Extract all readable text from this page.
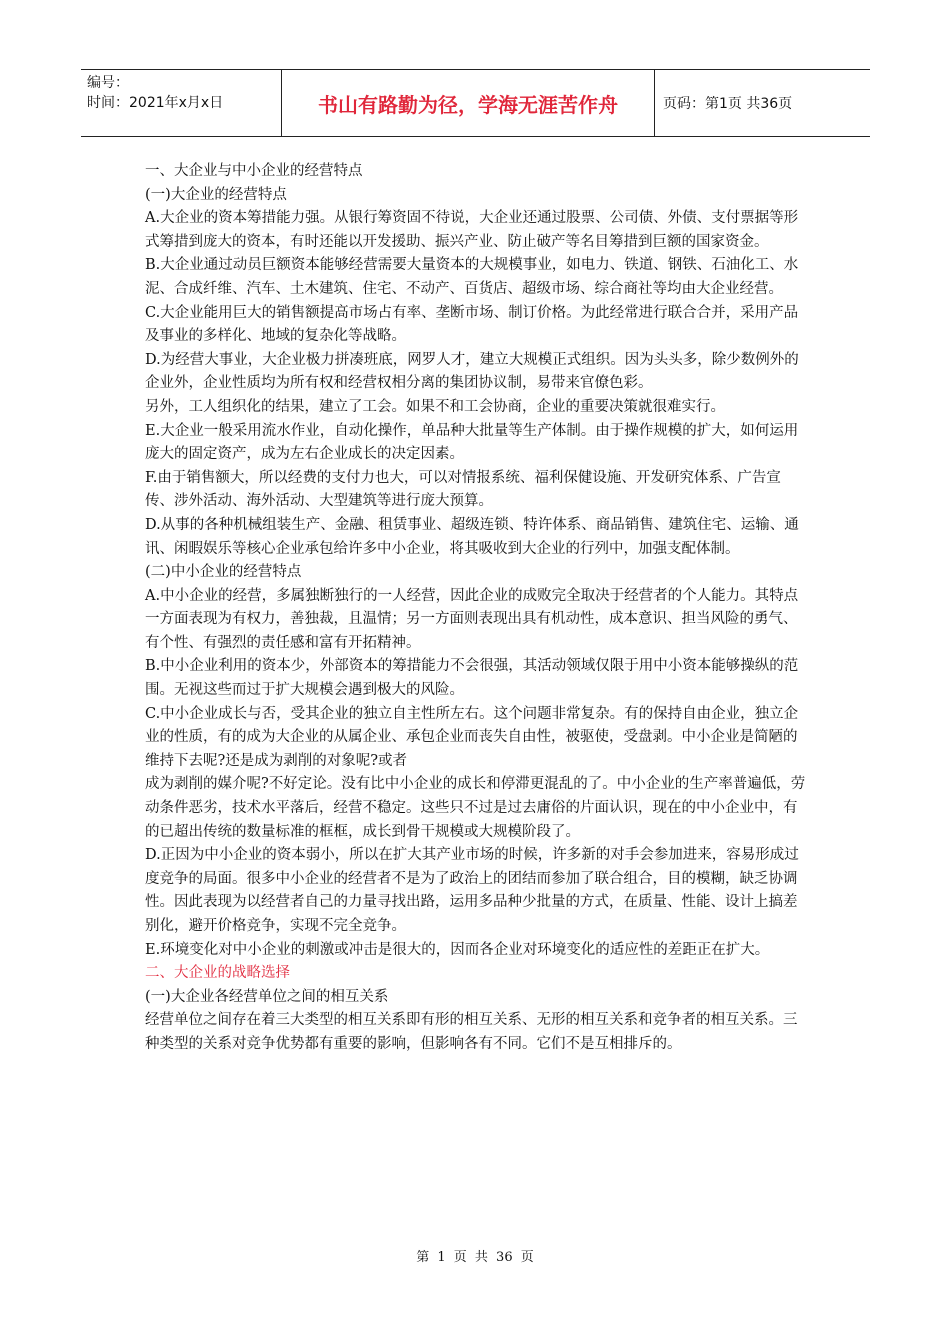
编号：
时间：2021年x月x日	书山有路勤为径，学海无涯苦作舟	页码：第1页 共36页

一、大企业与中小企业的经营特点

(一)大企业的经营特点

A.大企业的资本筹措能力强。从银行筹资固不待说，大企业还通过股票、公司债、外债、支付票据等形式筹措到庞大的资本，有时还能以开发援助、振兴产业、防止破产等名目筹措到巨额的国家资金。

B.大企业通过动员巨额资本能够经营需要大量资本的大规模事业，如电力、铁道、钢铁、石油化工、水泥、合成纤维、汽车、土木建筑、住宅、不动产、百货店、超级市场、综合商社等均由大企业经营。

C.大企业能用巨大的销售额提高市场占有率、垄断市场、制订价格。为此经常进行联合合并，采用产品及事业的多样化、地域的复杂化等战略。

D.为经营大事业，大企业极力拼凑班底，网罗人才，建立大规模正式组织。因为头头多，除少数例外的企业外，企业性质均为所有权和经营权相分离的集团协议制，易带来官僚色彩。

另外，工人组织化的结果，建立了工会。如果不和工会协商，企业的重要决策就很难实行。

E.大企业一般采用流水作业，自动化操作，单品种大批量等生产体制。由于操作规模的扩大，如何运用庞大的固定资产，成为左右企业成长的决定因素。

F.由于销售额大，所以经费的支付力也大，可以对情报系统、福利保健设施、开发研究体系、广告宣传、涉外活动、海外活动、大型建筑等进行庞大预算。

D.从事的各种机械组装生产、金融、租赁事业、超级连锁、特许体系、商品销售、建筑住宅、运输、通讯、闲暇娱乐等核心企业承包给许多中小企业，将其吸收到大企业的行列中，加强支配体制。

(二)中小企业的经营特点

A.中小企业的经营，多属独断独行的一人经营，因此企业的成败完全取决于经营者的个人能力。其特点一方面表现为有权力，善独裁，且温情；另一方面则表现出具有机动性，成本意识、担当风险的勇气、有个性、有强烈的责任感和富有开拓精神。

B.中小企业利用的资本少，外部资本的筹措能力不会很强，其活动领域仅限于用中小资本能够操纵的范围。无视这些而过于扩大规模会遇到极大的风险。

C.中小企业成长与否，受其企业的独立自主性所左右。这个问题非常复杂。有的保持自由企业，独立企业的性质，有的成为大企业的从属企业、承包企业而丧失自由性，被驱使，受盘剥。中小企业是简陋的维持下去呢?还是成为剥削的对象呢?或者

成为剥削的媒介呢?不好定论。没有比中小企业的成长和停滞更混乱的了。中小企业的生产率普遍低，劳动条件恶劣，技术水平落后，经营不稳定。这些只不过是过去庸俗的片面认识，现在的中小企业中，有的已超出传统的数量标准的框框，成长到骨干规模或大规模阶段了。

D.正因为中小企业的资本弱小，所以在扩大其产业市场的时候，许多新的对手会参加进来，容易形成过度竞争的局面。很多中小企业的经营者不是为了政治上的团结而参加了联合组合，目的模糊，缺乏协调性。因此表现为以经营者自己的力量寻找出路，运用多品种少批量的方式，在质量、性能、设计上搞差别化，避开价格竞争，实现不完全竞争。

E.环境变化对中小企业的刺激或冲击是很大的，因而各企业对环境变化的适应性的差距正在扩大。

二、大企业的战略选择

(一)大企业各经营单位之间的相互关系

经营单位之间存在着三大类型的相互关系即有形的相互关系、无形的相互关系和竞争者的相互关系。三种类型的关系对竞争优势都有重要的影响，但影响各有不同。它们不是互相排斥的。

第 1 页 共 36 页
